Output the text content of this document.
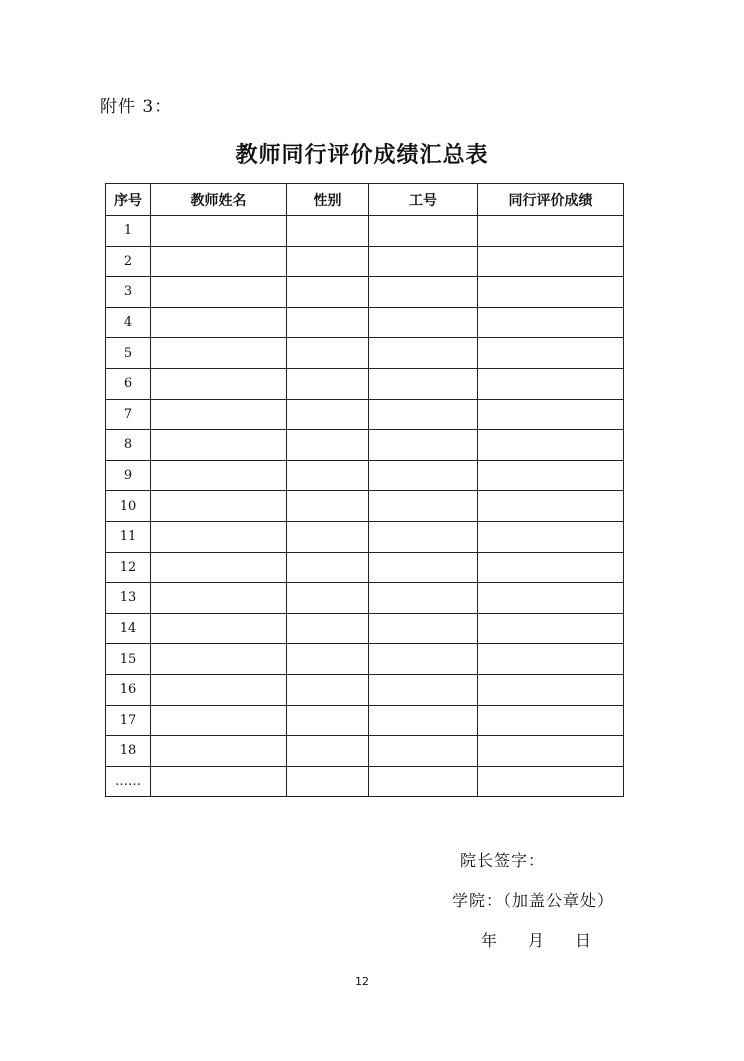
附件 3：
教师同行评价成绩汇总表
序号	教师姓名	性别	工号	同行评价成绩
1				
2				
3				
4				
5				
6				
7				
8				
9				
10				
11				
12				
13				
14				
15				
16				
17				
18				
……				
院长签字：
学院：（加盖公章处）
年 月 日
12
